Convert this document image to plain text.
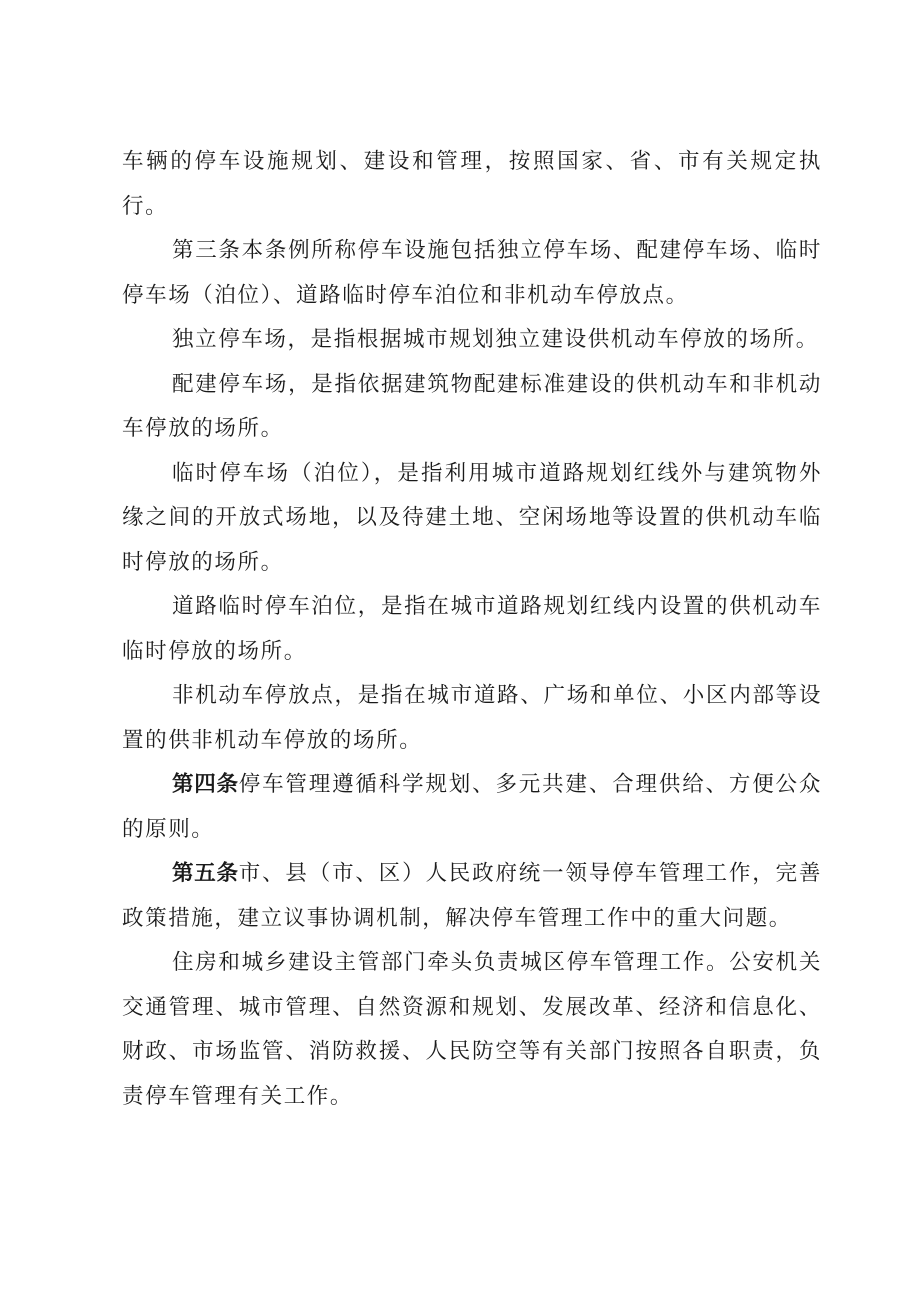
车辆的停车设施规划、建设和管理，按照国家、省、市有关规定执行。

第三条本条例所称停车设施包括独立停车场、配建停车场、临时停车场（泊位）、道路临时停车泊位和非机动车停放点。

独立停车场，是指根据城市规划独立建设供机动车停放的场所。

配建停车场，是指依据建筑物配建标准建设的供机动车和非机动车停放的场所。

临时停车场（泊位），是指利用城市道路规划红线外与建筑物外缘之间的开放式场地，以及待建土地、空闲场地等设置的供机动车临时停放的场所。

道路临时停车泊位，是指在城市道路规划红线内设置的供机动车临时停放的场所。

非机动车停放点，是指在城市道路、广场和单位、小区内部等设置的供非机动车停放的场所。

第四条停车管理遵循科学规划、多元共建、合理供给、方便公众的原则。

第五条市、县（市、区）人民政府统一领导停车管理工作，完善政策措施，建立议事协调机制，解决停车管理工作中的重大问题。

住房和城乡建设主管部门牵头负责城区停车管理工作。公安机关交通管理、城市管理、自然资源和规划、发展改革、经济和信息化、财政、市场监管、消防救援、人民防空等有关部门按照各自职责，负责停车管理有关工作。
